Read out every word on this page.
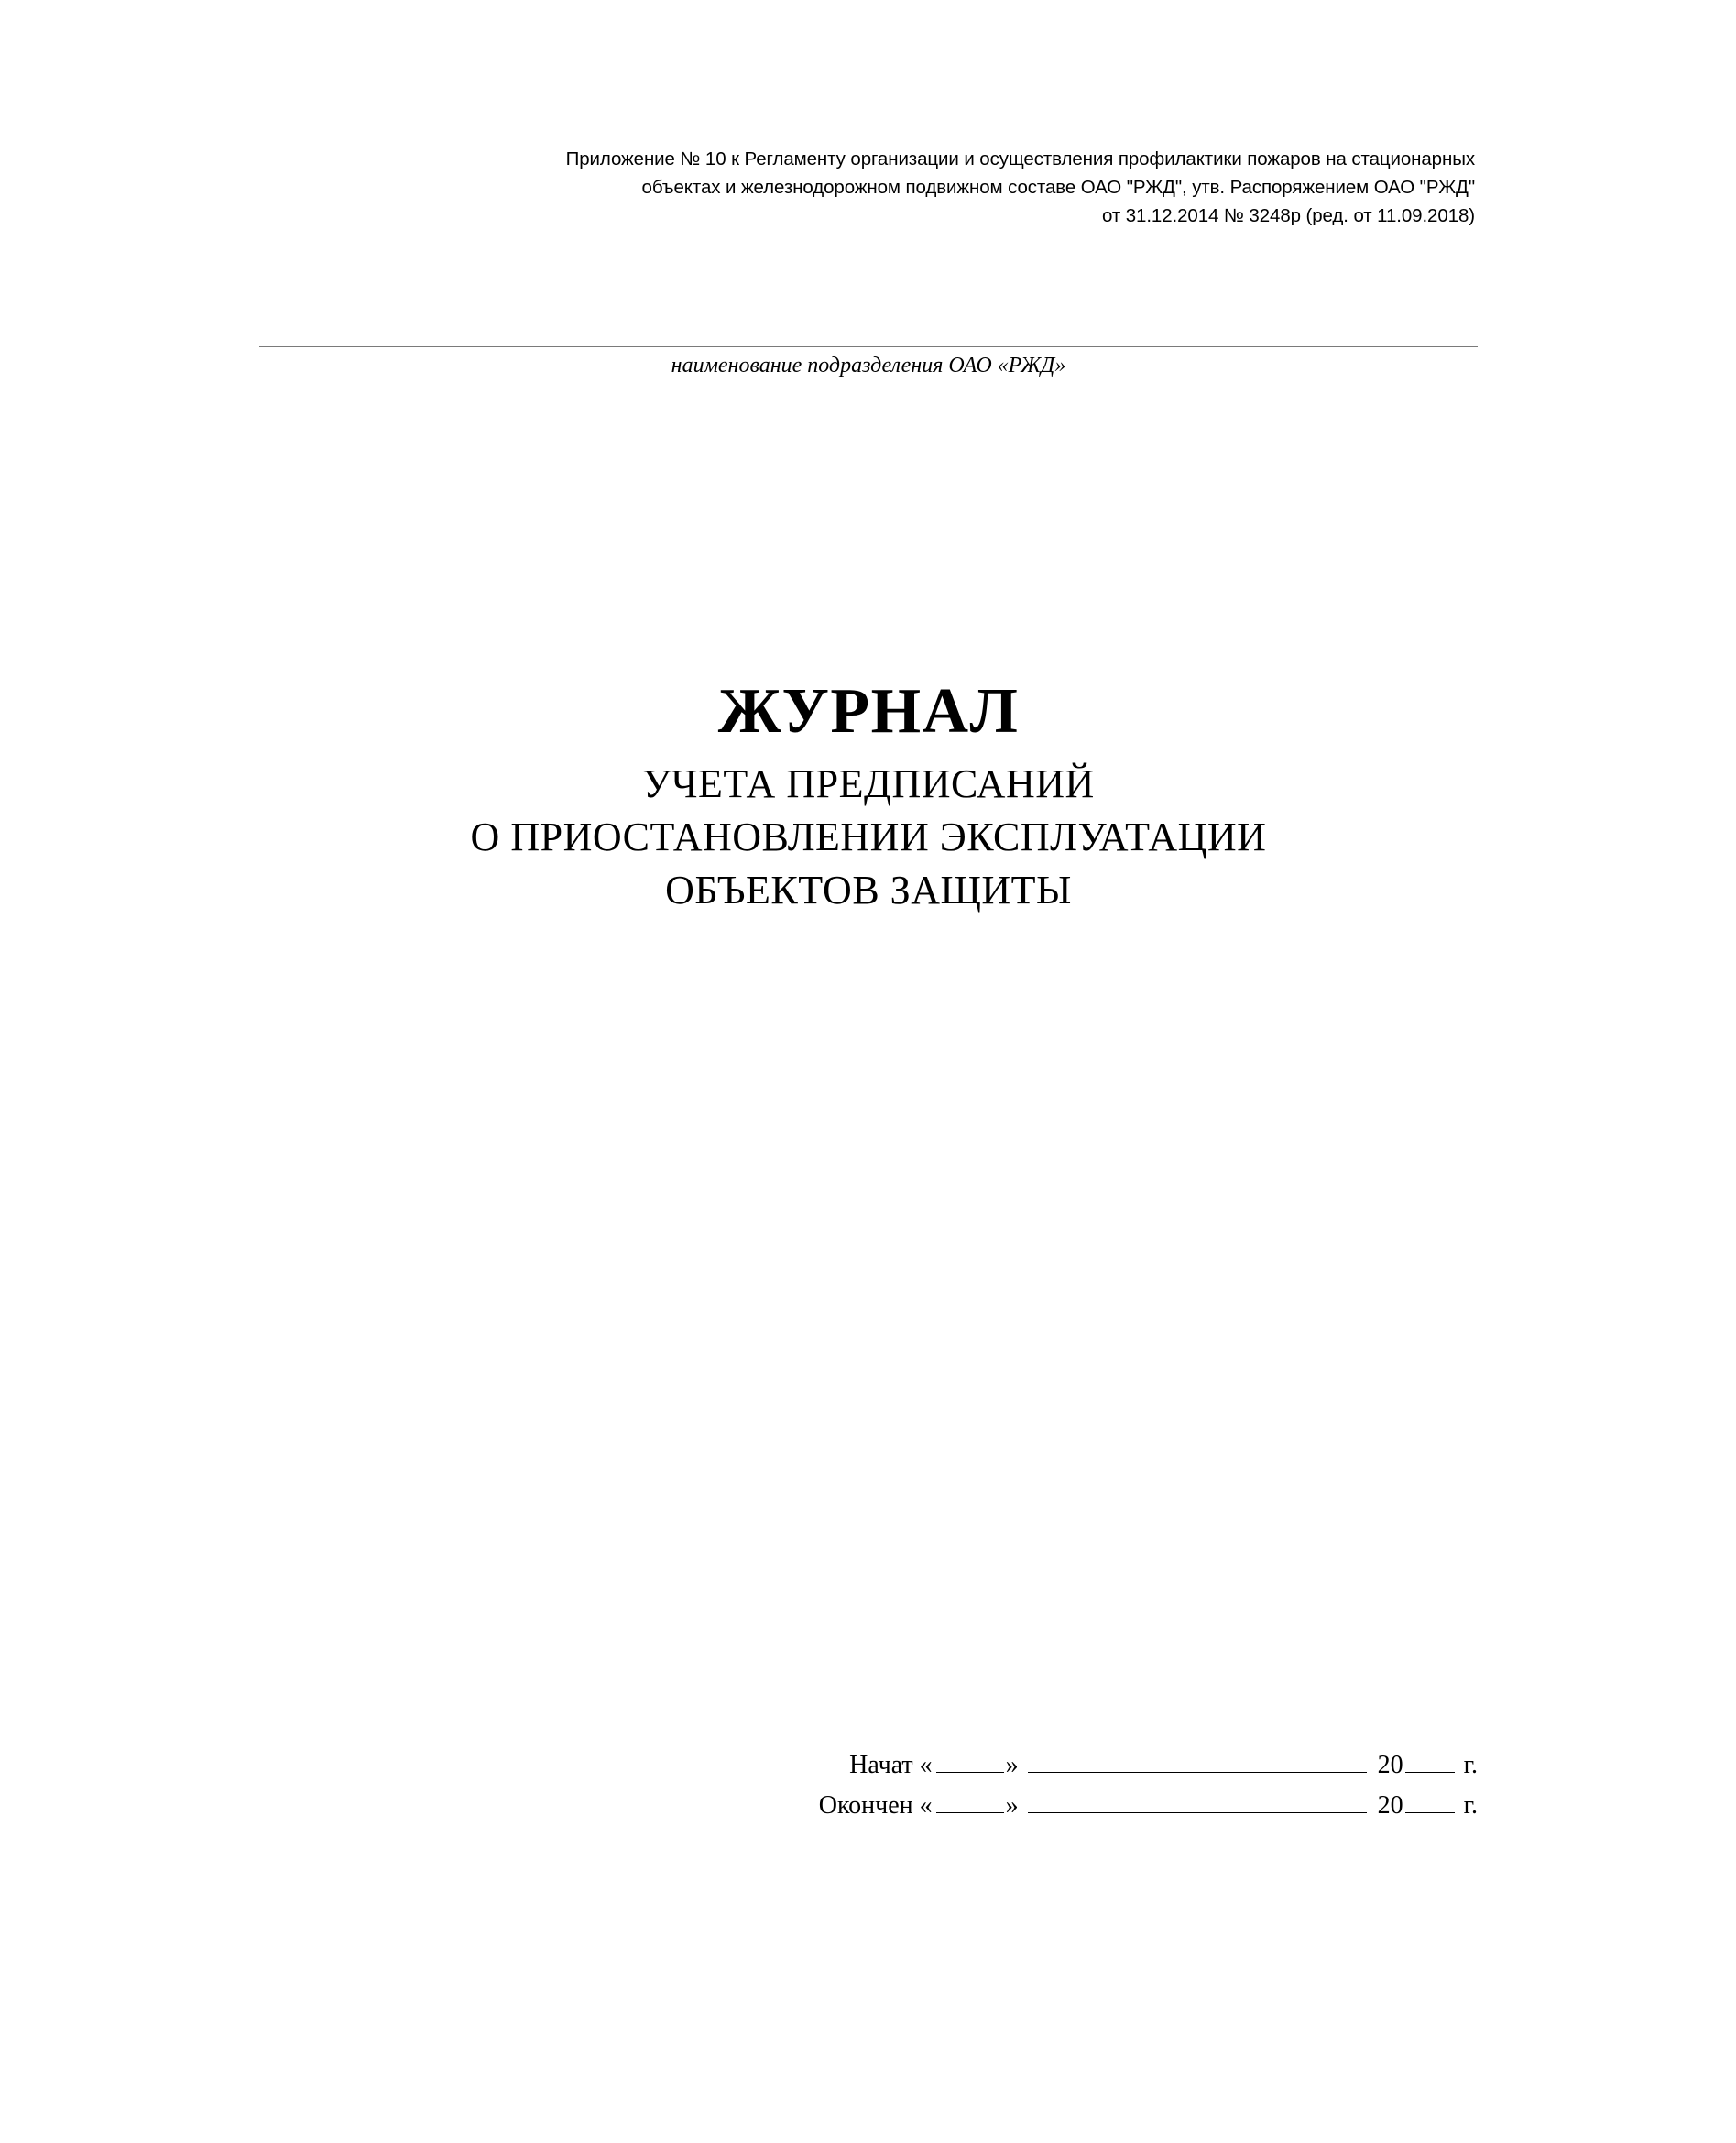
Приложение № 10 к Регламенту организации и осуществления профилактики пожаров на стационарных
объектах и железнодорожном подвижном составе ОАО "РЖД", утв. Распоряжением ОАО "РЖД"
от 31.12.2014 № 3248р (ред. от 11.09.2018)
наименование подразделения ОАО «РЖД»
ЖУРНАЛ
УЧЕТА ПРЕДПИСАНИЙ
О ПРИОСТАНОВЛЕНИИ ЭКСПЛУАТАЦИИ
ОБЪЕКТОВ ЗАЩИТЫ
Начат «	»	20 г.
Окончен «	»	20 г.
